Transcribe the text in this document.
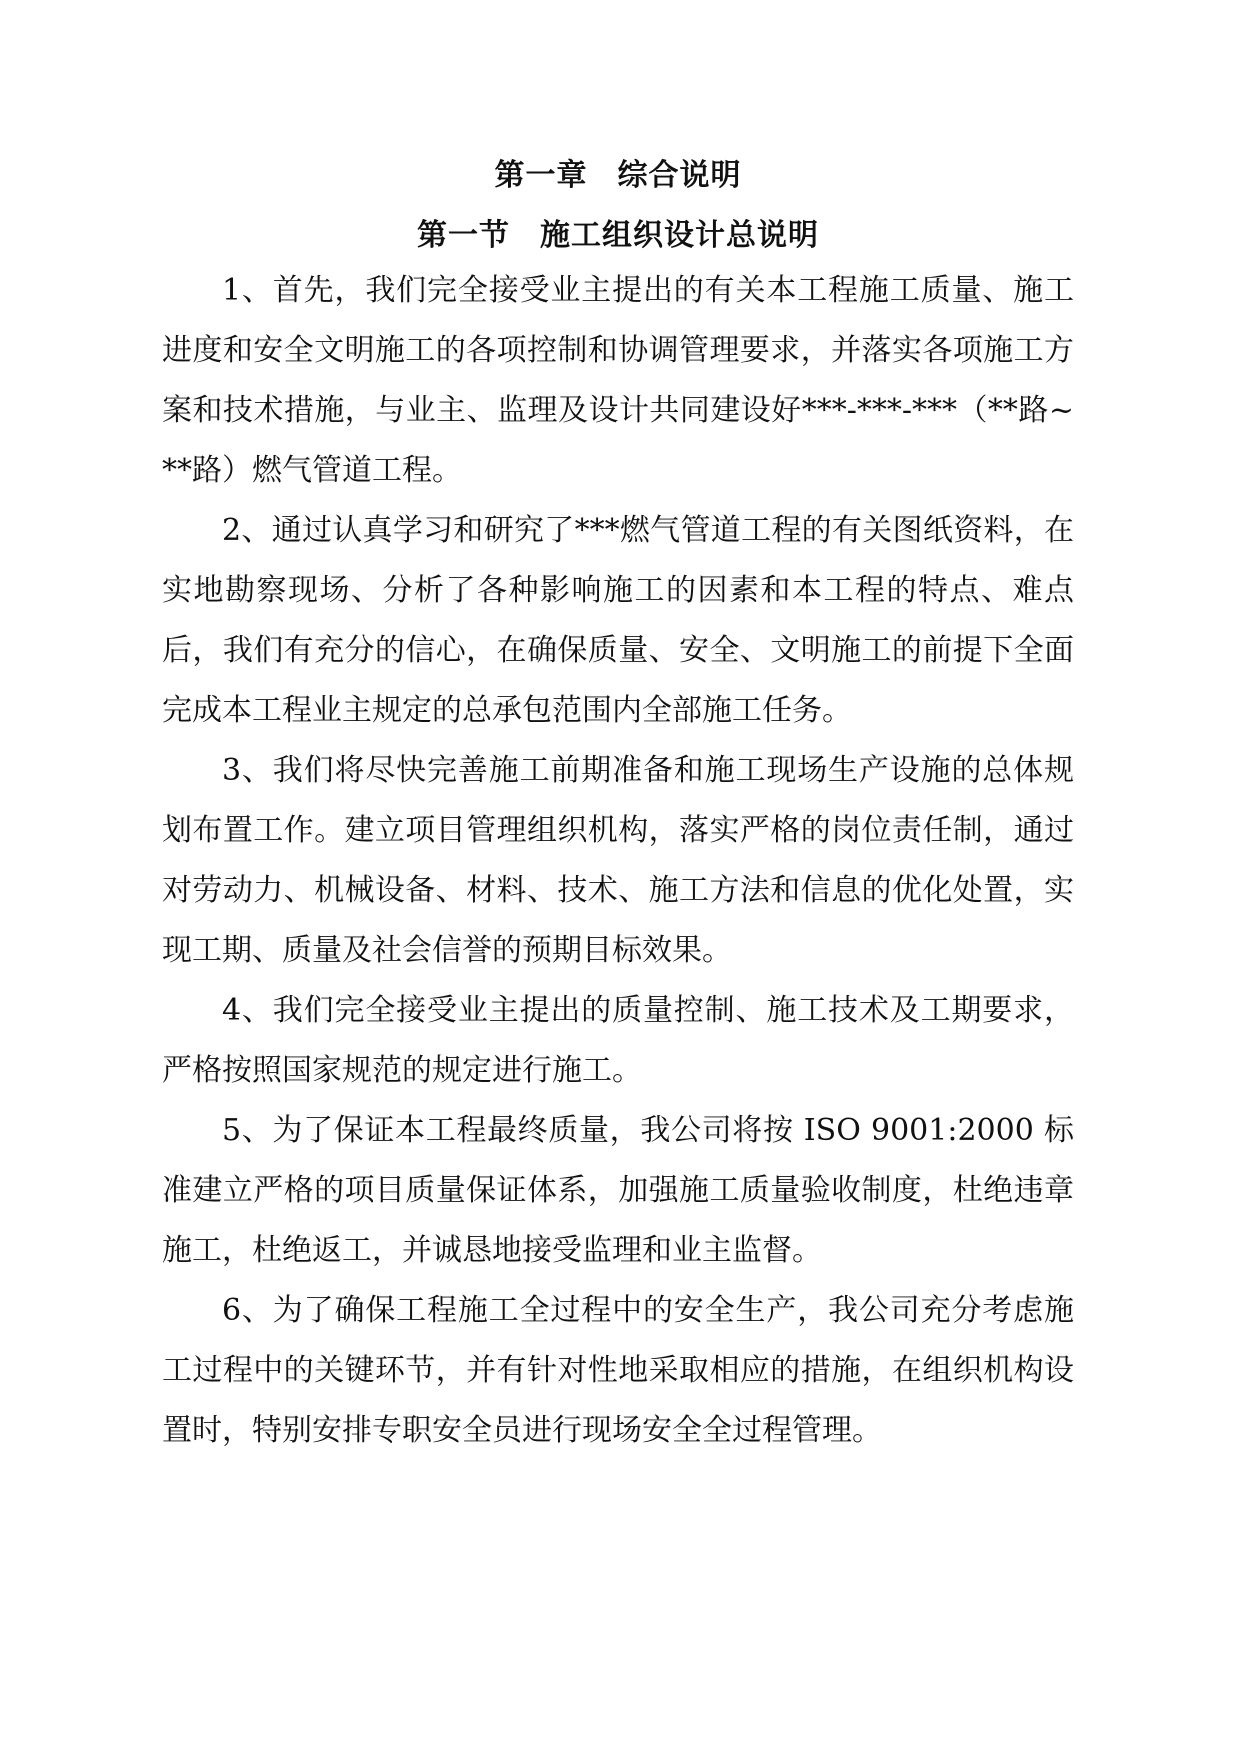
第一章 综合说明
第一节 施工组织设计总说明

1、首先，我们完全接受业主提出的有关本工程施工质量、施工进度和安全文明施工的各项控制和协调管理要求，并落实各项施工方案和技术措施，与业主、监理及设计共同建设好***-***-***（**路~**路）燃气管道工程。

2、通过认真学习和研究了***燃气管道工程的有关图纸资料，在实地勘察现场、分析了各种影响施工的因素和本工程的特点、难点后，我们有充分的信心，在确保质量、安全、文明施工的前提下全面完成本工程业主规定的总承包范围内全部施工任务。

3、我们将尽快完善施工前期准备和施工现场生产设施的总体规划布置工作。建立项目管理组织机构，落实严格的岗位责任制，通过对劳动力、机械设备、材料、技术、施工方法和信息的优化处置，实现工期、质量及社会信誉的预期目标效果。

4、我们完全接受业主提出的质量控制、施工技术及工期要求，严格按照国家规范的规定进行施工。

5、为了保证本工程最终质量，我公司将按 ISO 9001:2000 标准建立严格的项目质量保证体系，加强施工质量验收制度，杜绝违章施工，杜绝返工，并诚恳地接受监理和业主监督。

6、为了确保工程施工全过程中的安全生产，我公司充分考虑施工过程中的关键环节，并有针对性地采取相应的措施，在组织机构设置时，特别安排专职安全员进行现场安全全过程管理。
